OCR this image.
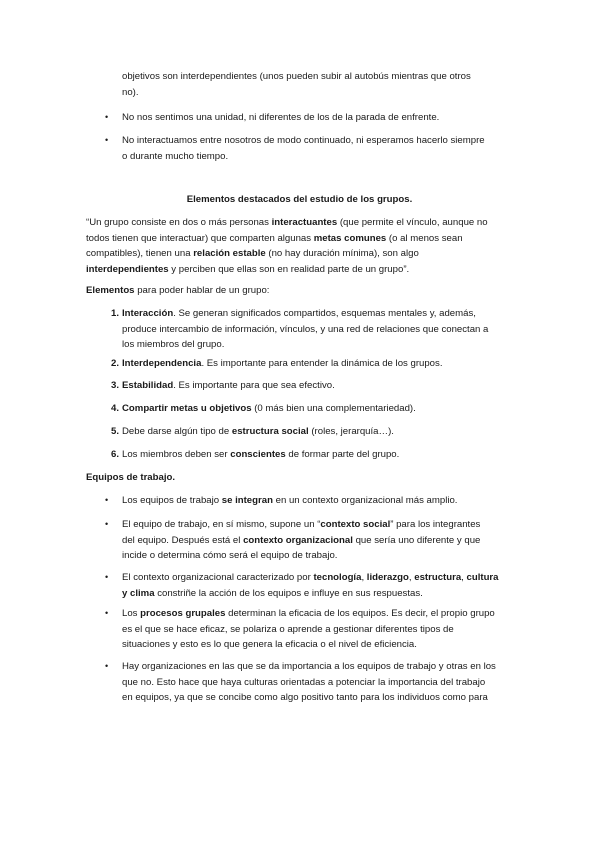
objetivos son interdependientes (unos pueden subir al autobús mientras que otros
no).
• No nos sentimos una unidad, ni diferentes de los de la parada de enfrente.
• No interactuamos entre nosotros de modo continuado, ni esperamos hacerlo siempre
o durante mucho tiempo.
Elementos destacados del estudio de los grupos.
“Un grupo consiste en dos o más personas interactuantes (que permite el vínculo, aunque no
todos tienen que interactuar) que comparten algunas metas comunes (o al menos sean
compatibles), tienen una relación estable (no hay duración mínima), son algo
interdependientes y perciben que ellas son en realidad parte de un grupo”.
Elementos para poder hablar de un grupo:
1. Interacción. Se generan significados compartidos, esquemas mentales y, además,
produce intercambio de información, vínculos, y una red de relaciones que conectan a
los miembros del grupo.
2. Interdependencia. Es importante para entender la dinámica de los grupos.
3. Estabilidad. Es importante para que sea efectivo.
4. Compartir metas u objetivos (0 más bien una complementariedad).
5. Debe darse algún tipo de estructura social (roles, jerarquía…).
6. Los miembros deben ser conscientes de formar parte del grupo.
Equipos de trabajo.
• Los equipos de trabajo se integran en un contexto organizacional más amplio.
• El equipo de trabajo, en sí mismo, supone un “contexto social” para los integrantes
del equipo. Después está el contexto organizacional que sería uno diferente y que
incide o determina cómo será el equipo de trabajo.
• El contexto organizacional caracterizado por tecnología, liderazgo, estructura, cultura
y clima constriñe la acción de los equipos e influye en sus respuestas.
• Los procesos grupales determinan la eficacia de los equipos. Es decir, el propio grupo
es el que se hace eficaz, se polariza o aprende a gestionar diferentes tipos de
situaciones y esto es lo que genera la eficacia o el nivel de eficiencia.
• Hay organizaciones en las que se da importancia a los equipos de trabajo y otras en los
que no. Esto hace que haya culturas orientadas a potenciar la importancia del trabajo
en equipos, ya que se concibe como algo positivo tanto para los individuos como para
